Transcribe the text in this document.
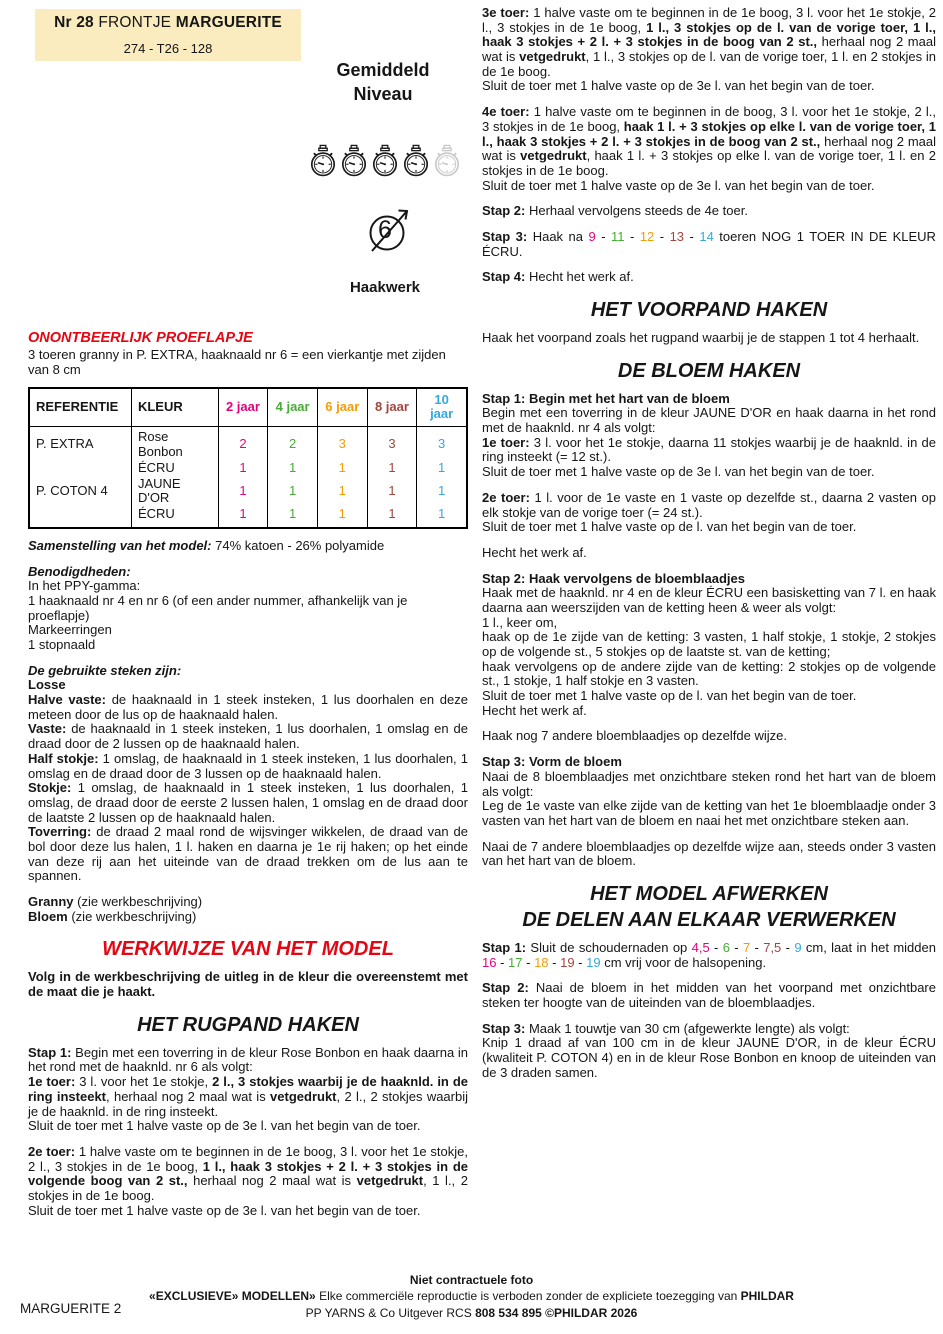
Nr 28 FRONTJE MARGUERITE
274 - T26 - 128
Gemiddeld
Niveau
6
Haakwerk
ONONTBEERLIJK PROEFLAPJE
3 toeren granny in P. EXTRA, haaknaald nr 6 = een vierkantje met zijden van 8 cm
REFERENTIE	KLEUR	2 jaar	4 jaar	6 jaar	8 jaar	10 jaar
P. EXTRA	Rose Bonbon	2	2	3	3	3
	ÉCRU	1	1	1	1	1
P. COTON 4	JAUNE D'OR	1	1	1	1	1
	ÉCRU	1	1	1	1	1
Samenstelling van het model: 74% katoen - 26% polyamide
Benodigdheden:
In het PPY-gamma:
1 haaknaald nr 4 en nr 6 (of een ander nummer, afhankelijk van je proeflapje)
Markeerringen
1 stopnaald
De gebruikte steken zijn:
Losse
Halve vaste: de haaknaald in 1 steek insteken, 1 lus doorhalen en deze meteen door de lus op de haaknaald halen.
Vaste: de haaknaald in 1 steek insteken, 1 lus doorhalen, 1 omslag en de draad door de 2 lussen op de haaknaald halen.
Half stokje: 1 omslag, de haaknaald in 1 steek insteken, 1 lus doorhalen, 1 omslag en de draad door de 3 lussen op de haaknaald halen.
Stokje: 1 omslag, de haaknaald in 1 steek insteken, 1 lus doorhalen, 1 omslag, de draad door de eerste 2 lussen halen, 1 omslag en de draad door de laatste 2 lussen op de haaknaald halen.
Toverring: de draad 2 maal rond de wijsvinger wikkelen, de draad van de bol door deze lus halen, 1 l. haken en daarna je 1e rij haken; op het einde van deze rij aan het uiteinde van de draad trekken om de lus aan te spannen.
Granny (zie werkbeschrijving)
Bloem (zie werkbeschrijving)
WERKWIJZE VAN HET MODEL
Volg in de werkbeschrijving de uitleg in de kleur die overeenstemt met de maat die je haakt.
HET RUGPAND HAKEN
Stap 1: Begin met een toverring in de kleur Rose Bonbon en haak daarna in het rond met de haaknld. nr 6 als volgt:
1e toer: 3 l. voor het 1e stokje, 2 l., 3 stokjes waarbij je de haaknld. in de ring insteekt, herhaal nog 2 maal wat is vetgedrukt, 2 l., 2 stokjes waarbij je de haaknld. in de ring insteekt.
Sluit de toer met 1 halve vaste op de 3e l. van het begin van de toer.
2e toer: 1 halve vaste om te beginnen in de 1e boog, 3 l. voor het 1e stokje, 2 l., 3 stokjes in de 1e boog, 1 l., haak 3 stokjes + 2 l. + 3 stokjes in de volgende boog van 2 st., herhaal nog 2 maal wat is vetgedrukt, 1 l., 2 stokjes in de 1e boog.
Sluit de toer met 1 halve vaste op de 3e l. van het begin van de toer.
3e toer: 1 halve vaste om te beginnen in de 1e boog, 3 l. voor het 1e stokje, 2 l., 3 stokjes in de 1e boog, 1 l., 3 stokjes op de l. van de vorige toer, 1 l., haak 3 stokjes + 2 l. + 3 stokjes in de boog van 2 st., herhaal nog 2 maal wat is vetgedrukt, 1 l., 3 stokjes op de l. van de vorige toer, 1 l. en 2 stokjes in de 1e boog.
Sluit de toer met 1 halve vaste op de 3e l. van het begin van de toer.
4e toer: 1 halve vaste om te beginnen in de boog, 3 l. voor het 1e stokje, 2 l., 3 stokjes in de 1e boog, haak 1 l. + 3 stokjes op elke l. van de vorige toer, 1 l., haak 3 stokjes + 2 l. + 3 stokjes in de boog van 2 st., herhaal nog 2 maal wat is vetgedrukt, haak 1 l. + 3 stokjes op elke l. van de vorige toer, 1 l. en 2 stokjes in de 1e boog.
Sluit de toer met 1 halve vaste op de 3e l. van het begin van de toer.
Stap 2: Herhaal vervolgens steeds de 4e toer.
Stap 3: Haak na 9 - 11 - 12 - 13 - 14 toeren NOG 1 TOER IN DE KLEUR ÉCRU.
Stap 4: Hecht het werk af.
HET VOORPAND HAKEN
Haak het voorpand zoals het rugpand waarbij je de stappen 1 tot 4 herhaalt.
DE BLOEM HAKEN
Stap 1: Begin met het hart van de bloem
Begin met een toverring in de kleur JAUNE D'OR en haak daarna in het rond met de haaknld. nr 4 als volgt:
1e toer: 3 l. voor het 1e stokje, daarna 11 stokjes waarbij je de haaknld. in de ring insteekt (= 12 st.).
Sluit de toer met 1 halve vaste op de 3e l. van het begin van de toer.
2e toer: 1 l. voor de 1e vaste en 1 vaste op dezelfde st., daarna 2 vasten op elk stokje van de vorige toer (= 24 st.).
Sluit de toer met 1 halve vaste op de l. van het begin van de toer.
Hecht het werk af.
Stap 2: Haak vervolgens de bloemblaadjes
Haak met de haaknld. nr 4 en de kleur ÉCRU een basisketting van 7 l. en haak daarna aan weerszijden van de ketting heen & weer als volgt:
1 l., keer om,
haak op de 1e zijde van de ketting: 3 vasten, 1 half stokje, 1 stokje, 2 stokjes op de volgende st., 5 stokjes op de laatste st. van de ketting;
haak vervolgens op de andere zijde van de ketting: 2 stokjes op de volgende st., 1 stokje, 1 half stokje en 3 vasten.
Sluit de toer met 1 halve vaste op de l. van het begin van de toer.
Hecht het werk af.
Haak nog 7 andere bloemblaadjes op dezelfde wijze.
Stap 3: Vorm de bloem
Naai de 8 bloemblaadjes met onzichtbare steken rond het hart van de bloem als volgt:
Leg de 1e vaste van elke zijde van de ketting van het 1e bloemblaadje onder 3 vasten van het hart van de bloem en naai het met onzichtbare steken aan.
Naai de 7 andere bloemblaadjes op dezelfde wijze aan, steeds onder 3 vasten van het hart van de bloem.
HET MODEL AFWERKEN
DE DELEN AAN ELKAAR VERWERKEN
Stap 1: Sluit de schoudernaden op 4,5 - 6 - 7 - 7,5 - 9 cm, laat in het midden 16 - 17 - 18 - 19 - 19 cm vrij voor de halsopening.
Stap 2: Naai de bloem in het midden van het voorpand met onzichtbare steken ter hoogte van de uiteinden van de bloemblaadjes.
Stap 3: Maak 1 touwtje van 30 cm (afgewerkte lengte) als volgt:
Knip 1 draad af van 100 cm in de kleur JAUNE D'OR, in de kleur ÉCRU (kwaliteit P. COTON 4) en in de kleur Rose Bonbon en knoop de uiteinden van de 3 draden samen.
MARGUERITE 2
Niet contractuele foto
«EXCLUSIEVE» MODELLEN» Elke commerciële reproductie is verboden zonder de expliciete toezegging van PHILDAR
PP YARNS & Co Uitgever RCS 808 534 895 ©PHILDAR 2026
